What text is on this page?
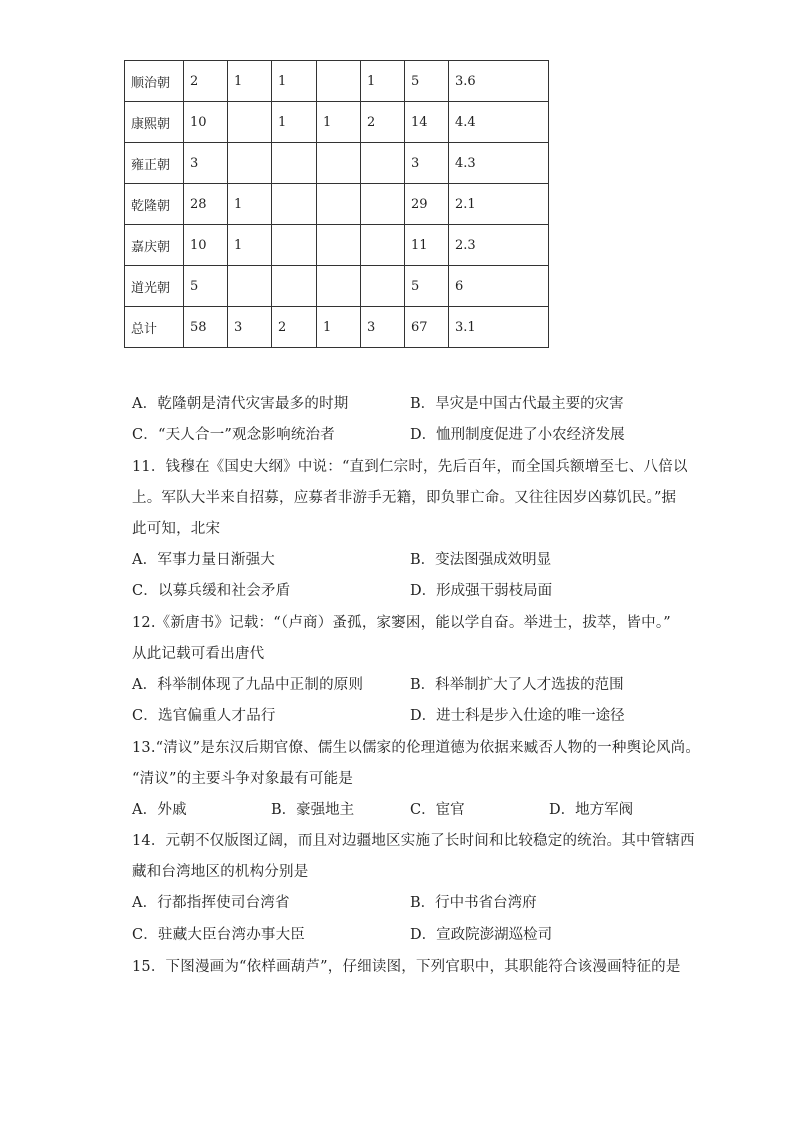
顺治朝	2	1	1		1	5	3.6
康熙朝	10		1	1	2	14	4.4
雍正朝	3					3	4.3
乾隆朝	28	1				29	2.1
嘉庆朝	10	1				11	2.3
道光朝	5					5	6
总计	58	3	2	1	3	67	3.1
A．乾隆朝是清代灾害最多的时期	B．旱灾是中国古代最主要的灾害
C．“天人合一”观念影响统治者	D．恤刑制度促进了小农经济发展
11．钱穆在《国史大纲》中说：“直到仁宗时，先后百年，而全国兵额增至七、八倍以
上。军队大半来自招募，应募者非游手无籍，即负罪亡命。又往往因岁凶募饥民。”据
此可知，北宋
A．军事力量日渐强大	B．变法图强成效明显
C．以募兵缓和社会矛盾	D．形成强干弱枝局面
12.《新唐书》记载：“（卢商）蚤孤，家窭困，能以学自奋。举进士，拔萃，皆中。”
从此记载可看出唐代
A．科举制体现了九品中正制的原则	B．科举制扩大了人才选拔的范围
C．选官偏重人才品行	D．进士科是步入仕途的唯一途径
13.“清议”是东汉后期官僚、儒生以儒家的伦理道德为依据来臧否人物的一种舆论风尚。
“清议”的主要斗争对象最有可能是
A．外戚	B．豪强地主	C．宦官	D．地方军阀
14．元朝不仅版图辽阔，而且对边疆地区实施了长时间和比较稳定的统治。其中管辖西
藏和台湾地区的机构分别是
A．行都指挥使司台湾省	B．行中书省台湾府
C．驻藏大臣台湾办事大臣	D．宣政院澎湖巡检司
15．下图漫画为“依样画葫芦”，仔细读图，下列官职中，其职能符合该漫画特征的是
